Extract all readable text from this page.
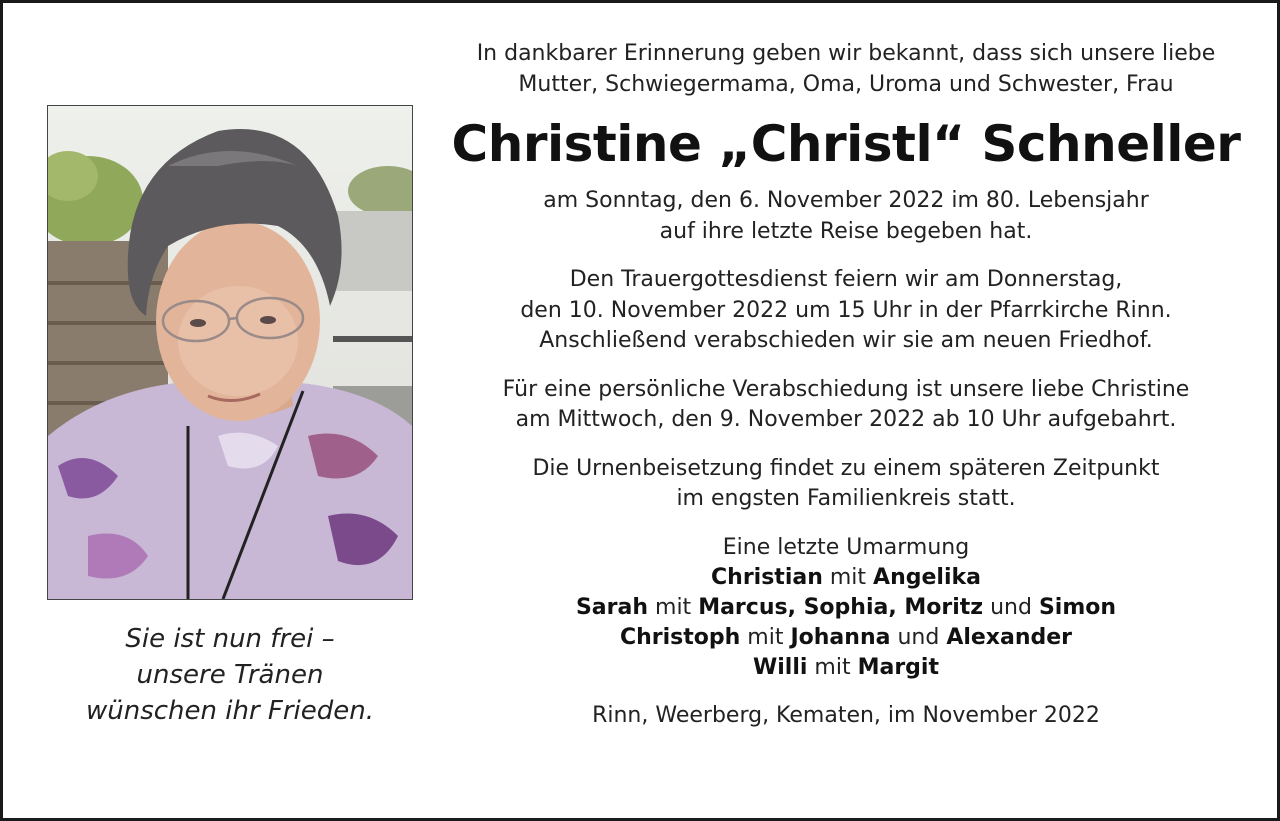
Sie ist nun frei –
unsere Tränen
wünschen ihr Frieden.
In dankbarer Erinnerung geben wir bekannt, dass sich unsere liebe
Mutter, Schwiegermama, Oma, Uroma und Schwester, Frau
Christine „Christl“ Schneller
am Sonntag, den 6. November 2022 im 80. Lebensjahr
auf ihre letzte Reise begeben hat.
Den Trauergottesdienst feiern wir am Donnerstag,
den 10. November 2022 um 15 Uhr in der Pfarrkirche Rinn.
Anschließend verabschieden wir sie am neuen Friedhof.
Für eine persönliche Verabschiedung ist unsere liebe Christine
am Mittwoch, den 9. November 2022 ab 10 Uhr aufgebahrt.
Die Urnenbeisetzung findet zu einem späteren Zeitpunkt
im engsten Familienkreis statt.
Eine letzte Umarmung
Christian mit Angelika
Sarah mit Marcus, Sophia, Moritz und Simon
Christoph mit Johanna und Alexander
Willi mit Margit
Rinn, Weerberg, Kematen, im November 2022
